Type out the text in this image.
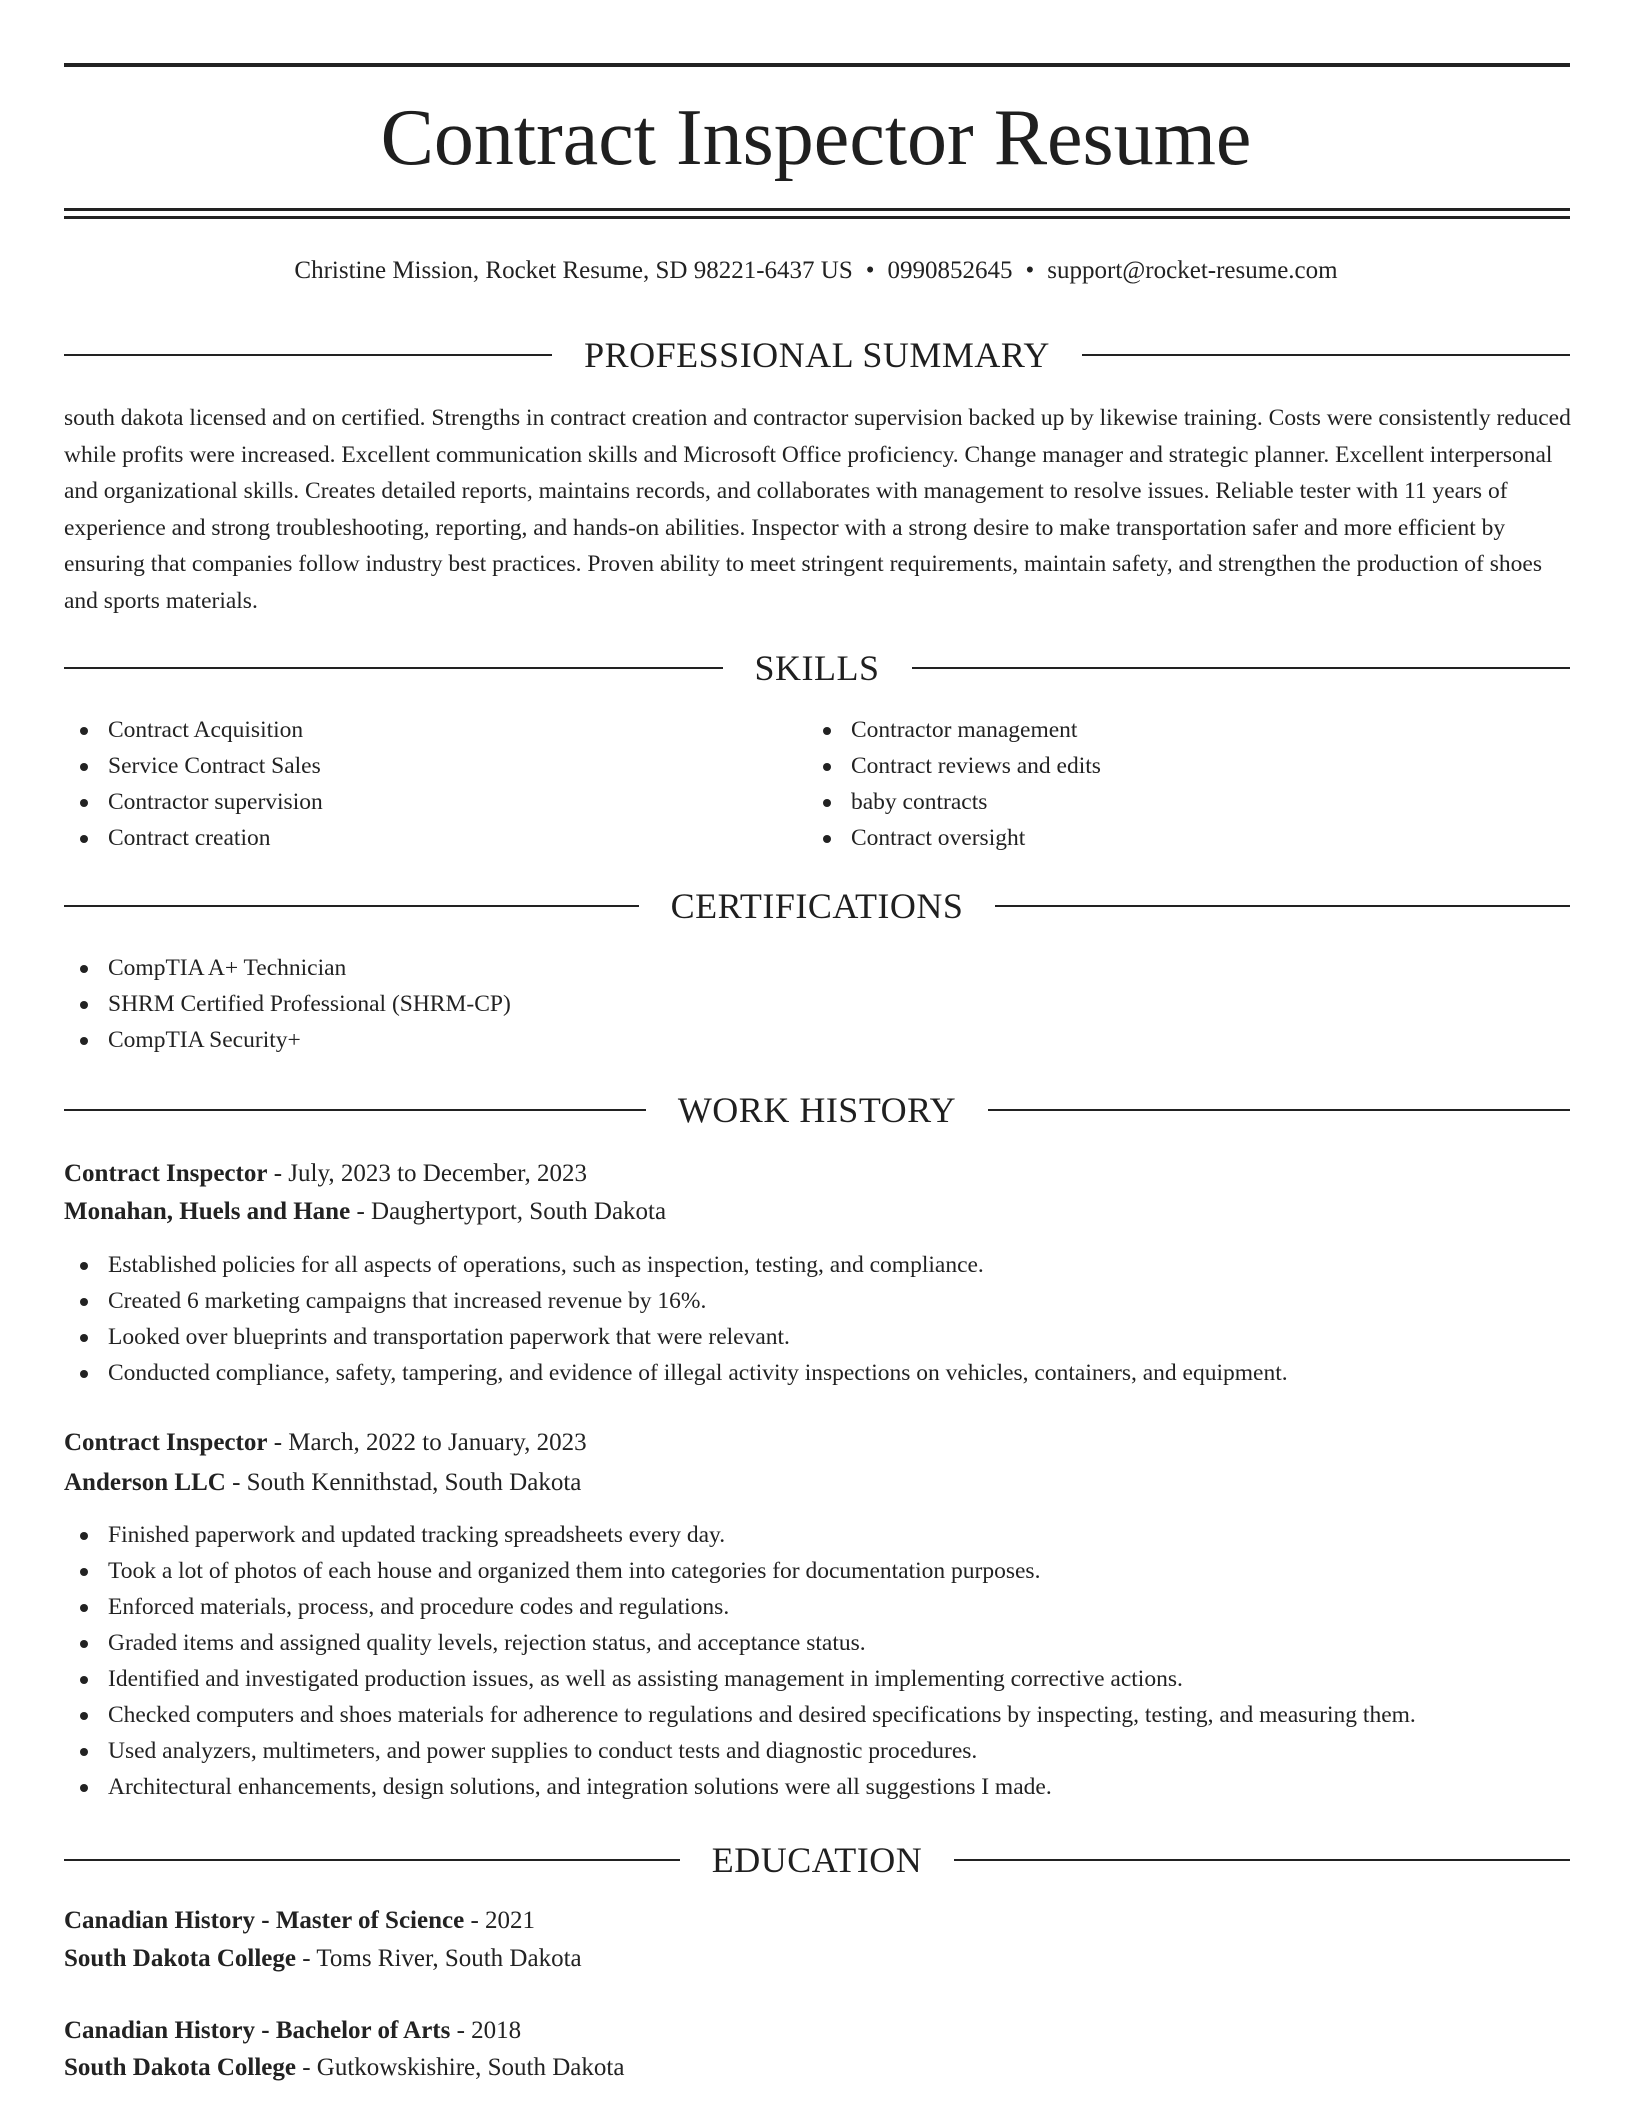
Contract Inspector Resume
Christine Mission, Rocket Resume, SD 98221-6437 US • 0990852645 • support@rocket-resume.com
PROFESSIONAL SUMMARY

south dakota licensed and on certified. Strengths in contract creation and contractor supervision backed up by likewise training. Costs were consistently reduced while profits were increased. Excellent communication skills and Microsoft Office proficiency. Change manager and strategic planner. Excellent interpersonal and organizational skills. Creates detailed reports, maintains records, and collaborates with management to resolve issues. Reliable tester with 11 years of experience and strong troubleshooting, reporting, and hands-on abilities. Inspector with a strong desire to make transportation safer and more efficient by ensuring that companies follow industry best practices. Proven ability to meet stringent requirements, maintain safety, and strengthen the production of shoes and sports materials.

SKILLS
Contract Acquisition
Service Contract Sales
Contractor supervision
Contract creation
Contractor management
Contract reviews and edits
baby contracts
Contract oversight
CERTIFICATIONS
CompTIA A+ Technician
SHRM Certified Professional (SHRM-CP)
CompTIA Security+
WORK HISTORY
Contract Inspector - July, 2023 to December, 2023
Monahan, Huels and Hane - Daughertyport, South Dakota
Established policies for all aspects of operations, such as inspection, testing, and compliance.
Created 6 marketing campaigns that increased revenue by 16%.
Looked over blueprints and transportation paperwork that were relevant.
Conducted compliance, safety, tampering, and evidence of illegal activity inspections on vehicles, containers, and equipment.
Contract Inspector - March, 2022 to January, 2023
Anderson LLC - South Kennithstad, South Dakota
Finished paperwork and updated tracking spreadsheets every day.
Took a lot of photos of each house and organized them into categories for documentation purposes.
Enforced materials, process, and procedure codes and regulations.
Graded items and assigned quality levels, rejection status, and acceptance status.
Identified and investigated production issues, as well as assisting management in implementing corrective actions.
Checked computers and shoes materials for adherence to regulations and desired specifications by inspecting, testing, and measuring them.
Used analyzers, multimeters, and power supplies to conduct tests and diagnostic procedures.
Architectural enhancements, design solutions, and integration solutions were all suggestions I made.
EDUCATION
Canadian History - Master of Science - 2021
South Dakota College - Toms River, South Dakota
Canadian History - Bachelor of Arts - 2018
South Dakota College - Gutkowskishire, South Dakota
